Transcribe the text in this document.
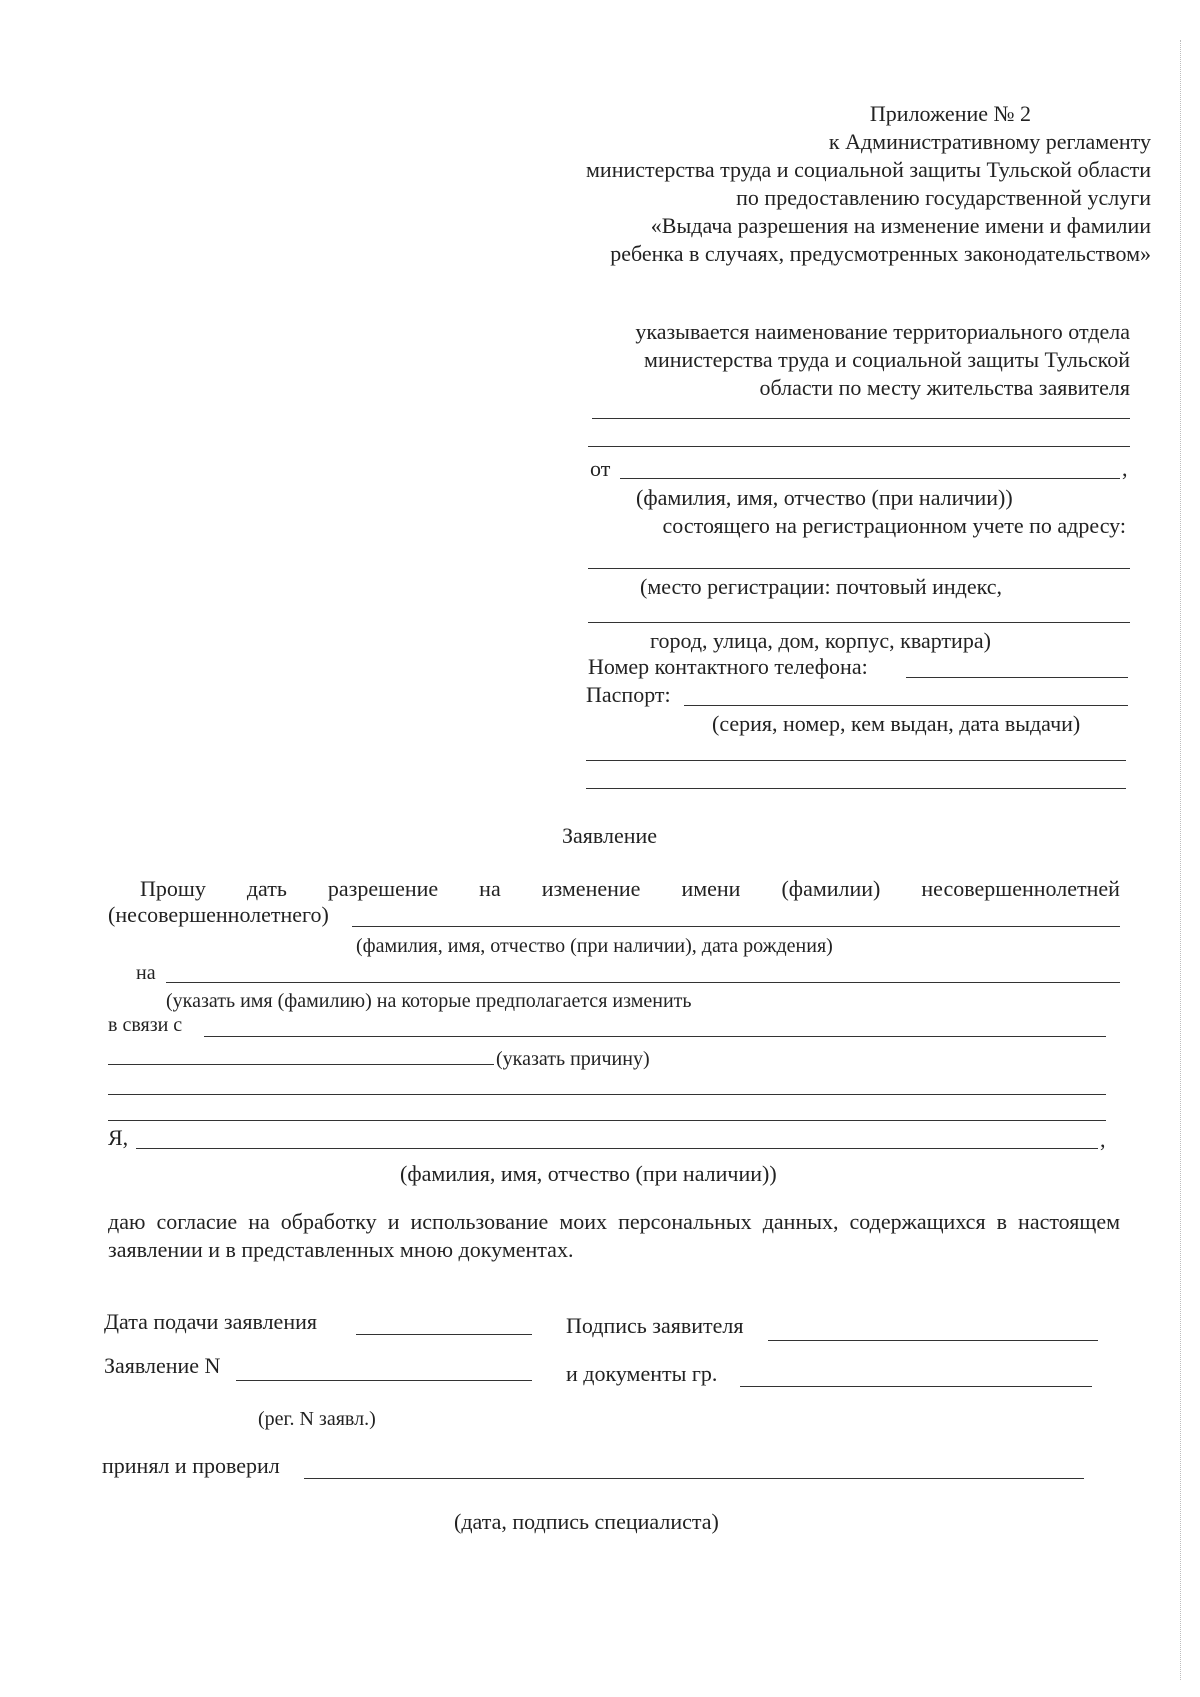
Приложение № 2
к Административному регламенту
министерства труда и социальной защиты Тульской области
по предоставлению государственной услуги
«Выдача разрешения на изменение имени и фамилии
ребенка в случаях, предусмотренных законодательством»
указывается наименование территориального отдела
министерства труда и социальной защиты Тульской
области по месту жительства заявителя
от	,
(фамилия, имя, отчество (при наличии))
состоящего на регистрационном учете по адресу:
(место регистрации: почтовый индекс,
город, улица, дом, корпус, квартира)
Номер контактного телефона:
Паспорт:
(серия, номер, кем выдан, дата выдачи)
Заявление
Прошу дать разрешение на изменение имени (фамилии) несовершеннолетней
(несовершеннолетнего)
(фамилия, имя, отчество (при наличии), дата рождения)
на
(указать имя (фамилию) на которые предполагается изменить
в связи с
(указать причину)
Я,	,
(фамилия, имя, отчество (при наличии))
даю согласие на обработку и использование моих персональных данных, содержащихся в настоящем заявлении и в представленных мною документах.
Дата подачи заявления	Подпись заявителя
Заявление N	и документы гр.
(рег. N заявл.)
принял и проверил
(дата, подпись специалиста)
